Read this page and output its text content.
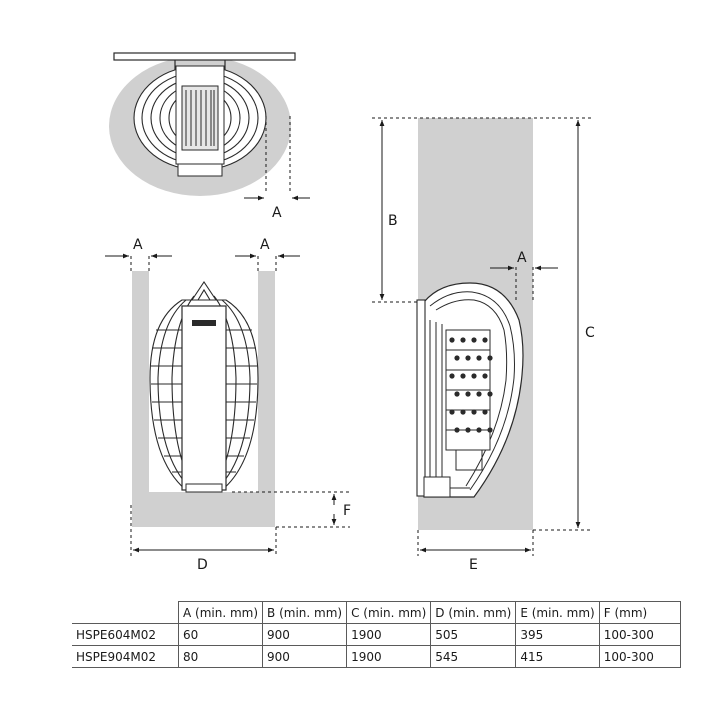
A
A	A
F
D
B
A
C
E
	A (min. mm)	B (min. mm)	C (min. mm)	D (min. mm)	E (min. mm)	F (mm)
HSPE604M02	60	900	1900	505	395	100-300
HSPE904M02	80	900	1900	545	415	100-300
